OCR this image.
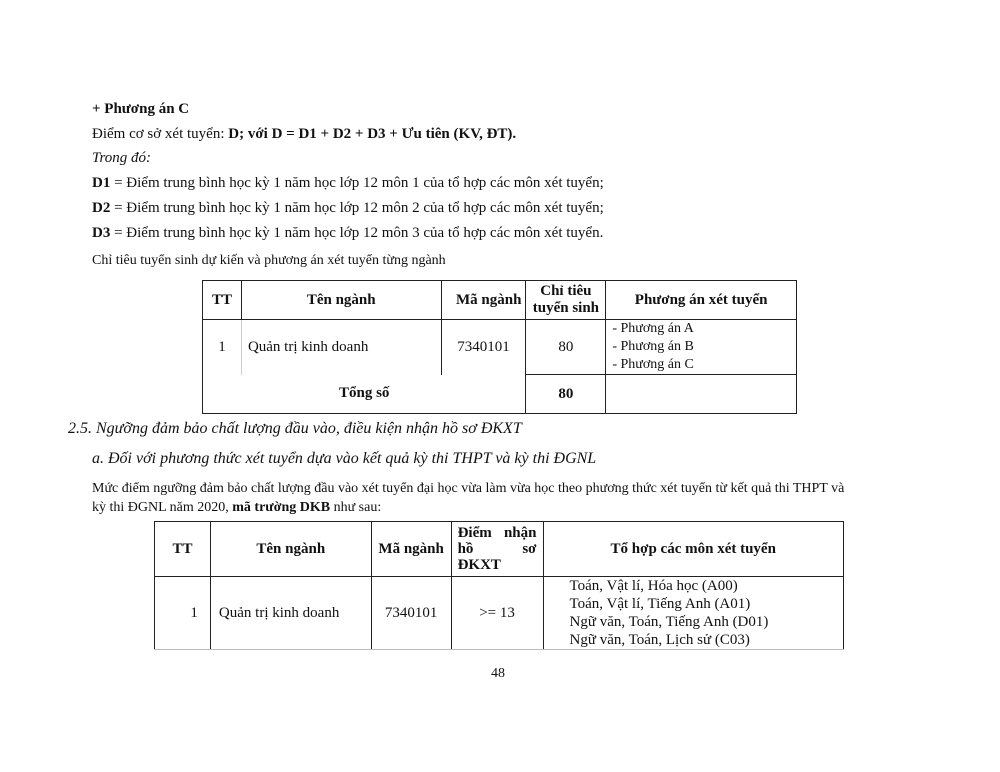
+ Phương án C
Điểm cơ sở xét tuyển: D; với D = D1 + D2 + D3 + Ưu tiên (KV, ĐT).
Trong đó:
D1 = Điểm trung bình học kỳ 1 năm học lớp 12 môn 1 của tổ hợp các môn xét tuyển;
D2 = Điểm trung bình học kỳ 1 năm học lớp 12 môn 2 của tổ hợp các môn xét tuyển;
D3 = Điểm trung bình học kỳ 1 năm học lớp 12 môn 3 của tổ hợp các môn xét tuyển.
Chỉ tiêu tuyển sinh dự kiến và phương án xét tuyển từng ngành
TT	Tên ngành	Mã ngành	Chỉ tiêu tuyển sinh	Phương án xét tuyển
1	Quản trị kinh doanh	7340101	80	- Phương án A
- Phương án B
- Phương án C

Tổng số			80	
2.5. Ngưỡng đảm bảo chất lượng đầu vào, điều kiện nhận hồ sơ ĐKXT
a. Đối với phương thức xét tuyển dựa vào kết quả kỳ thi THPT và kỳ thi ĐGNL
Mức điểm ngưỡng đảm bảo chất lượng đầu vào xét tuyển đại học vừa làm vừa học theo phương thức xét tuyển từ kết quả thi THPT và
kỳ thi ĐGNL năm 2020, mã trường DKB như sau:
TT	Tên ngành	Mã ngành	Điểm nhận hồ sơ ĐKXT	Tổ hợp các môn xét tuyển
1	Quản trị kinh doanh	7340101	>= 13	Toán, Vật lí, Hóa học (A00)
Toán, Vật lí, Tiếng Anh (A01)
Ngữ văn, Toán, Tiếng Anh (D01)
Ngữ văn, Toán, Lịch sử (C03)
48
